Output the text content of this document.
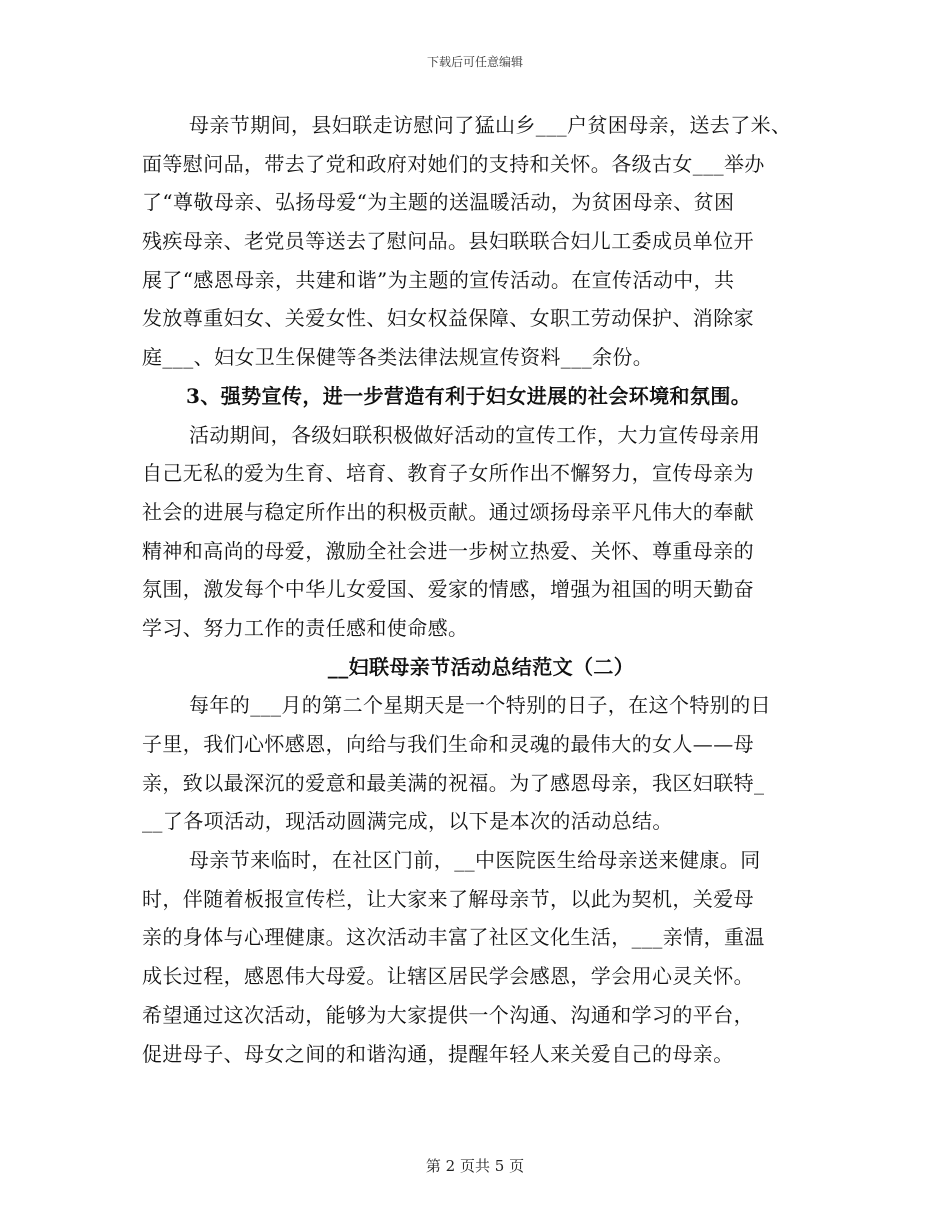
下载后可任意编辑
母亲节期间，县妇联走访慰问了猛山乡___户贫困母亲，送去了米、
面等慰问品，带去了党和政府对她们的支持和关怀。各级古女___举办
了“尊敬母亲、弘扬母爱“为主题的送温暖活动，为贫困母亲、贫困
残疾母亲、老党员等送去了慰问品。县妇联联合妇儿工委成员单位开
展了“感恩母亲，共建和谐”为主题的宣传活动。在宣传活动中，共
发放尊重妇女、关爱女性、妇女权益保障、女职工劳动保护、消除家
庭___、妇女卫生保健等各类法律法规宣传资料___余份。
3、强势宣传，进一步营造有利于妇女进展的社会环境和氛围。
活动期间，各级妇联积极做好活动的宣传工作，大力宣传母亲用
自己无私的爱为生育、培育、教育子女所作出不懈努力，宣传母亲为
社会的进展与稳定所作出的积极贡献。通过颂扬母亲平凡伟大的奉献
精神和高尚的母爱，激励全社会进一步树立热爱、关怀、尊重母亲的
氛围，激发每个中华儿女爱国、爱家的情感，增强为祖国的明天勤奋
学习、努力工作的责任感和使命感。
__妇联母亲节活动总结范文（二）
每年的___月的第二个星期天是一个特别的日子，在这个特别的日
子里，我们心怀感恩，向给与我们生命和灵魂的最伟大的女人——母
亲，致以最深沉的爱意和最美满的祝福。为了感恩母亲，我区妇联特_
__了各项活动，现活动圆满完成，以下是本次的活动总结。
母亲节来临时，在社区门前，__中医院医生给母亲送来健康。同
时，伴随着板报宣传栏，让大家来了解母亲节，以此为契机，关爱母
亲的身体与心理健康。这次活动丰富了社区文化生活，___亲情，重温
成长过程，感恩伟大母爱。让辖区居民学会感恩，学会用心灵关怀。
希望通过这次活动，能够为大家提供一个沟通、沟通和学习的平台，
促进母子、母女之间的和谐沟通，提醒年轻人来关爱自己的母亲。
第 2 页共 5 页
